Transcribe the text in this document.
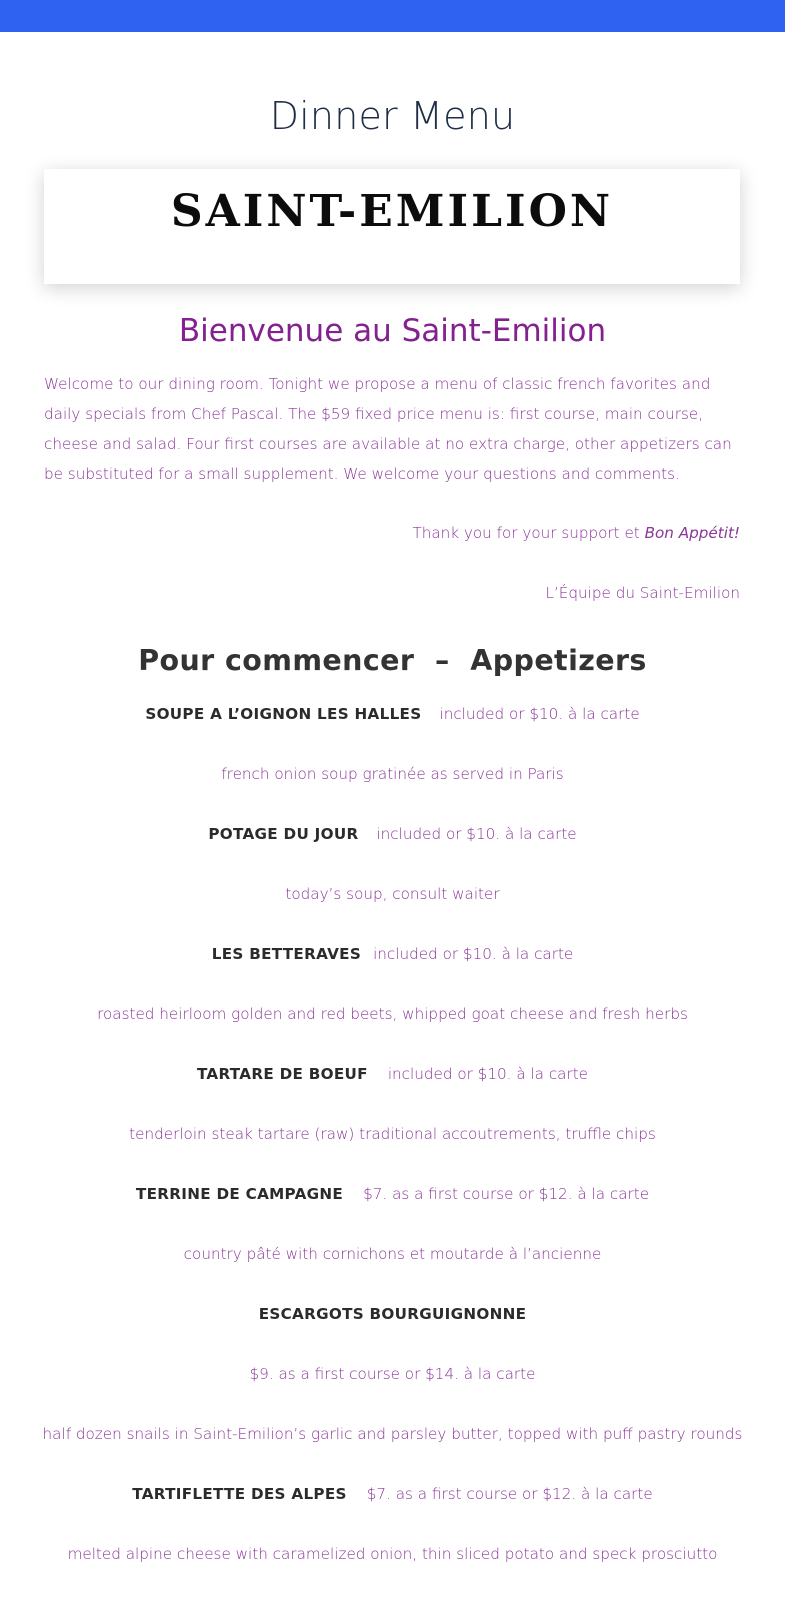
Dinner Menu
SAINT-EMILION
Bienvenue au Saint-Emilion

Welcome to our dining room. Tonight we propose a menu of classic french favorites and daily specials from Chef Pascal. The $59 fixed price menu is: first course, main course, cheese and salad. Four first courses are available at no extra charge, other appetizers can be substituted for a small supplement. We welcome your questions and comments.

Thank you for your support et Bon Appétit!

L’Équipe du Saint-Emilion

Pour commencer  –  Appetizers
SOUPE A L’OIGNON LES HALLES included or $10. à la carte
french onion soup gratinée as served in Paris
POTAGE DU JOUR included or $10. à la carte
today’s soup, consult waiter
LES BETTERAVES included or $10. à la carte
roasted heirloom golden and red beets, whipped goat cheese and fresh herbs
TARTARE DE BOEUF included or $10. à la carte
tenderloin steak tartare (raw) traditional accoutrements, truffle chips
TERRINE DE CAMPAGNE $7. as a first course or $12. à la carte
country pâté with cornichons et moutarde à l’ancienne
ESCARGOTS BOURGUIGNONNE
$9. as a first course or $14. à la carte
half dozen snails in Saint-Emilion’s garlic and parsley butter, topped with puff pastry rounds
TARTIFLETTE DES ALPES $7. as a first course or $12. à la carte
melted alpine cheese with caramelized onion, thin sliced potato and speck prosciutto
